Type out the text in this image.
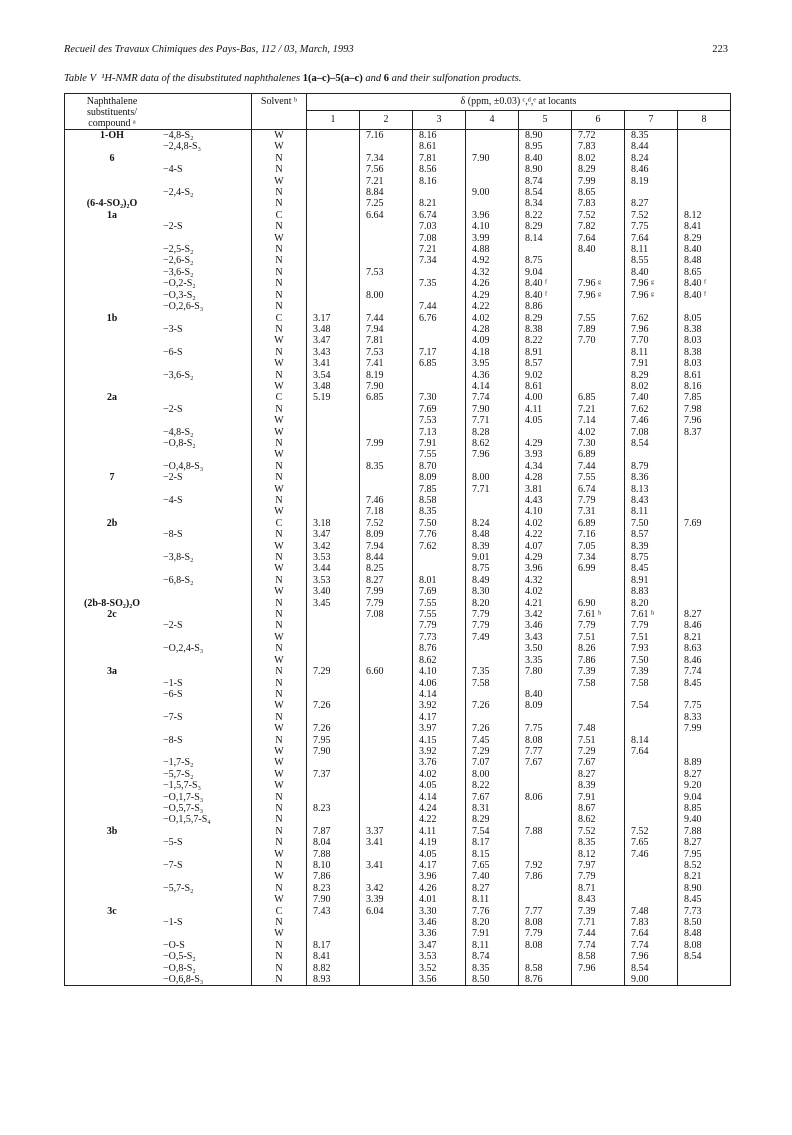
Recueil des Travaux Chimiques des Pays-Bas, 112 / 03, March, 1993	223
Table V ¹H-NMR data of the disubstituted naphthalenes 1(a–c)–5(a–c) and 6 and their sulfonation products.
Naphthalene substituents/ compound ᵃ		Solvent ᵇ	δ (ppm, ±0.03) ᶜ,ᵈ,ᵉ at locants							
			1	2	3	4	5	6	7	8
1-OH	−4,8-S₂	W		7.16	8.16		8.90	7.72	8.35	
	−2,4,8-S₃	W			8.61		8.95	7.83	8.44	
6		N		7.34	7.81	7.90	8.40	8.02	8.24	
	−4-S	N		7.56	8.56		8.90	8.29	8.46	
		W		7.21	8.16		8.74	7.99	8.19	
	−2,4-S₂	N		8.84		9.00	8.54	8.65		
(6-4-SO₂)₂O		N		7.25	8.21		8.34	7.83	8.27	
1a		C		6.64	6.74	3.96	8.22	7.52	7.52	8.12
	−2-S	N			7.03	4.10	8.29	7.82	7.75	8.41
		W			7.08	3.99	8.14	7.64	7.64	8.29
	−2,5-S₂	N			7.21	4.88		8.40	8.11	8.40
	−2,6-S₂	N			7.34	4.92	8.75		8.55	8.48
	−3,6-S₂	N		7.53		4.32	9.04		8.40	8.65
	−O,2-S₂	N			7.35	4.26	8.40 ᶠ	7.96 ᵍ	7.96 ᵍ	8.40 ᶠ
	−O,3-S₂	N		8.00		4.29	8.40 ᶠ	7.96 ᵍ	7.96 ᵍ	8.40 ᶠ
	−O,2,6-S₃	N			7.44	4.22	8.86			
1b		C	3.17	7.44	6.76	4.02	8.29	7.55	7.62	8.05
	−3-S	N	3.48	7.94		4.28	8.38	7.89	7.96	8.38
		W	3.47	7.81		4.09	8.22	7.70	7.70	8.03
	−6-S	N	3.43	7.53	7.17	4.18	8.91		8.11	8.38
		W	3.41	7.41	6.85	3.95	8.57		7.91	8.03
	−3,6-S₂	N	3.54	8.19		4.36	9.02		8.29	8.61
		W	3.48	7.90		4.14	8.61		8.02	8.16
2a		C	5.19	6.85	7.30	7.74	4.00	6.85	7.40	7.85
	−2-S	N			7.69	7.90	4.11	7.21	7.62	7.98
		W			7.53	7.71	4.05	7.14	7.46	7.96
	−4,8-S₂	W			7.13	8.28		4.02	7.08	8.37
	−O,8-S₂	N		7.99	7.91	8.62	4.29	7.30	8.54	
		W			7.55	7.96	3.93	6.89		
	−O,4,8-S₃	N		8.35	8.70		4.34	7.44	8.79	
7	−2-S	N			8.09	8.00	4.28	7.55	8.36	
		W			7.85	7.71	3.81	6.74	8.13	
	−4-S	N		7.46	8.58		4.43	7.79	8.43	
		W		7.18	8.35		4.10	7.31	8.11	
2b		C	3.18	7.52	7.50	8.24	4.02	6.89	7.50	7.69
	−8-S	N	3.47	8.09	7.76	8.48	4.22	7.16	8.57	
		W	3.42	7.94	7.62	8.39	4.07	7.05	8.39	
	−3,8-S₂	N	3.53	8.44		9.01	4.29	7.34	8.75	
		W	3.44	8.25		8.75	3.96	6.99	8.45	
	−6,8-S₂	N	3.53	8.27	8.01	8.49	4.32		8.91	
		W	3.40	7.99	7.69	8.30	4.02		8.83	
(2b-8-SO₂)₂O		N	3.45	7.79	7.55	8.20	4.21	6.90	8.20	
2c		N		7.08	7.55	7.79	3.42	7.61 ʰ	7.61 ʰ	8.27
	−2-S	N			7.79	7.79	3.46	7.79	7.79	8.46
		W			7.73	7.49	3.43	7.51	7.51	8.21
	−O,2,4-S₃	N			8.76		3.50	8.26	7.93	8.63
		W			8.62		3.35	7.86	7.50	8.46
3a		N	7.29	6.60	4.10	7.35	7.80	7.39	7.39	7.74
	−1-S	N			4.06	7.58		7.58	7.58	8.45
	−6-S	N			4.14		8.40			
		W	7.26		3.92	7.26	8.09		7.54	7.75
	−7-S	N			4.17					8.33
		W	7.26		3.97	7.26	7.75	7.48		7.99
	−8-S	N	7.95		4.15	7.45	8.08	7.51	8.14	
		W	7.90		3.92	7.29	7.77	7.29	7.64	
	−1,7-S₂	W			3.76	7.07	7.67	7.67		8.89
	−5,7-S₂	W	7.37		4.02	8.00		8.27		8.27
	−1,5,7-S₃	W			4.05	8.22		8.39		9.20
	−O,1,7-S₃	N			4.14	7.67	8.06	7.91		9.04
	−O,5,7-S₃	N	8.23		4.24	8.31		8.67		8.85
	−O,1,5,7-S₄	N			4.22	8.29		8.62		9.40
3b		N	7.87	3.37	4.11	7.54	7.88	7.52	7.52	7.88
	−5-S	N	8.04	3.41	4.19	8.17		8.35	7.65	8.27
		W	7.88		4.05	8.15		8.12	7.46	7.95
	−7-S	N	8.10	3.41	4.17	7.65	7.92	7.97		8.52
		W	7.86		3.96	7.40	7.86	7.79		8.21
	−5,7-S₂	N	8.23	3.42	4.26	8.27		8.71		8.90
		W	7.90	3.39	4.01	8.11		8.43		8.45
3c		C	7.43	6.04	3.30	7.76	7.77	7.39	7.48	7.73
	−1-S	N			3.46	8.20	8.08	7.71	7.83	8.50
		W			3.36	7.91	7.79	7.44	7.64	8.48
	−O-S	N	8.17		3.47	8.11	8.08	7.74	7.74	8.08
	−O,5-S₂	N	8.41		3.53	8.74		8.58	7.96	8.54
	−O,8-S₂	N	8.82		3.52	8.35	8.58	7.96	8.54	
	−O,6,8-S₃	N	8.93		3.56	8.50	8.76		9.00	
